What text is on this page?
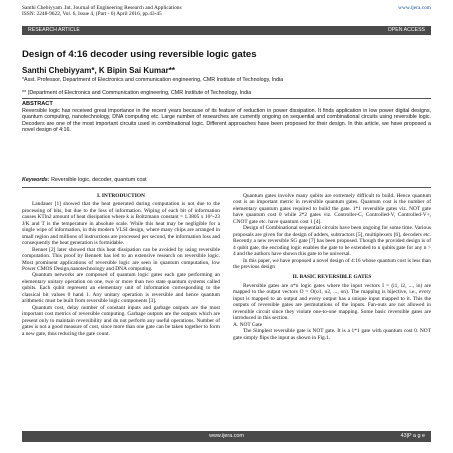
Santhi Chebiyyam .Int. Journal of Engineering Research and Applications
ISSN: 2248-9622, Vol. 6, Issue 4, (Part - 6) April 2016, pp.43-45
www.ijera.com
RESEARCH ARTICLE	OPEN ACCESS
Design of 4:16 decoder using reversible logic gates
Santhi Chebiyyam*, K Bipin Sai Kumar**
*Asst. Professor, Department of Electronics and communication engineering, CMR Institute of Technology, India
** (Department of Electronics and Communication engineering, CMR Institute of Technology, India
ABSTRACT
Reversible logic has received great importance in the recent years because of its feature of reduction in power dissipation. It finds application in low power digital designs, quantum computing, nanotechnology, DNA computing etc. Large number of researches are currently ongoing on sequential and combinational circuits using reversible logic. Decoders are one of the most important circuits used in combinational logic. Different approaches have been proposed for their design. In this article, we have proposed a novel design of 4:16.
Keywords: Reversible logic, decoder, quantum cost
I. INTRODUCTION

Landauer [1] showed that the heat generated during computation is not due to the processing of bits, but due to the loss of information. Wiping of each bit of information causes KTln2 amount of heat dissipation where k is Boltzmann constant = 1.3805 x 10^-23 J/K and T is the temperature in absolute scale. While this heat may be negligible for a single wipe of information, in this modern VLSI design, where many chips are arranged in small region and millions of instructions are processed per second, the information loss and consequently the heat generation is formidable.

Bennet [2] later showed that this heat dissipation can be avoided by using reversible computation. This proof by Bennett has led to an extensive research on reversible logic. Most prominent applications of reversible logic are seen in quantum computation, low Power CMOS Design,nanotechnology and DNA computing.

Quantum networks are composed of quantum logic gates each gate performing an elementary unitary operation on one, two or more than two state quantum systems called qubits. Each qubit represent an elementary unit of information corresponding to the classical bit values 0 hand 1. Any unitary operation is reversible and hence quantum arithmetic must be built from reversible logic components [3].

Quantum cost, delay number of constant inputs and garbage outputs are the most important cost metrics of reversible computing. Garbage outputs are the outputs which are present only to maintain reversibility and do not perform any useful operations. Number of gates is not a good measure of cost, since more than one gate can be taken together to form a new gate, thus reducing the gate count.

Quantum gates involve many qubits are extremely difficult to build. Hence quantum cost is an important metric in reversible quantum gates. Quantum cost is the number of elementary quantum gates required to build the gate. 1*1 reversible gates viz. NOT gate have quantum cost 0 while 2*2 gates viz. Controller-C, Controlled-V, Controlled-V+, CNOT gate etc. have quantum cost 1 [4].

Design of Combinational sequential circuits have been ongoing for some time. Various proposals are given for the design of adders, subtractors [5], multiplexers [6], decoders etc. Recently a new reversible SG gate [7] has been proposed. Though the provided design is of 4 qubit gate, the encoding logic enables the gate to be extended to n qubits gate for any n > 4 and the authors have shown this gate to be universal.

In this paper, we have proposed a novel design of 4:16 whose quantum cost is less than the previous design

II. BASIC REVERSIBLE GATES

Reversible gates are n*n logic gates where the input vectors I = (i1, i2, ..., in) are mapped to the output vectors O = O(o1, o2, ..., on). The mapping is bijective, i.e., every input is mapped to an output and every output has a unique input mapped to it. This the outputs of reversible gates are permutations of the inputs. Fan-outs are not allowed in reversible circuit since they violate one-to-one mapping. Some basic reversible gates are introduced in this section.

A. NOT Gate

The Simplest reversible gate is NOT gate. It is a 1*1 gate with quantum cost 0. NOT gate simply flips the input as shown in Fig.1.

www.ijera.com	43|P a g e
